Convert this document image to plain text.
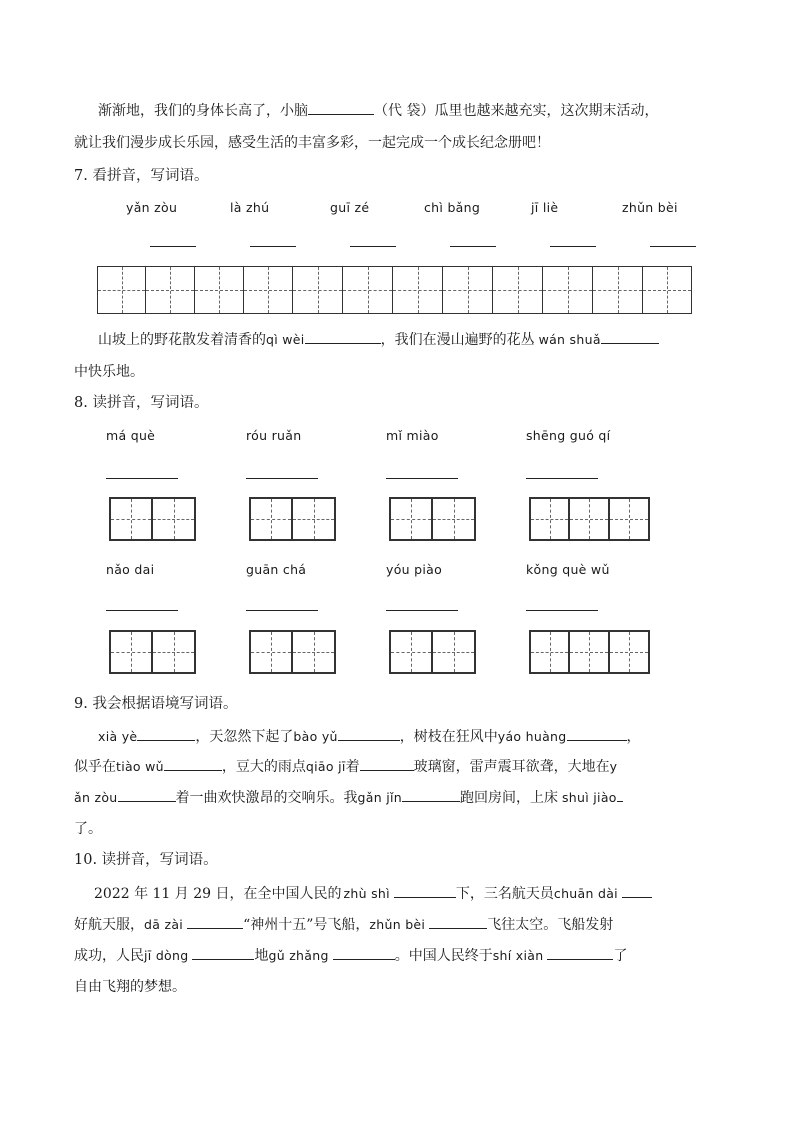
渐渐地，我们的身体长高了，小脑	（代 袋）瓜里也越来越充实，这次期末活动，
就让我们漫步成长乐园，感受生活的丰富多彩，一起完成一个成长纪念册吧！
7. 看拼音，写词语。
yǎn zòu	là zhú	guī zé	chì bǎng	jī liè	zhǔn bèi
山坡上的野花散发着清香的qì wèi	，我们在漫山遍野的花丛 wán shuǎ
中快乐地。
8. 读拼音，写词语。
má què	róu ruǎn	mǐ miào	shēng guó qí
nǎo dai	guān chá	yóu piào	kǒng què wǔ
9. 我会根据语境写词语。
xià yè	，天忽然下起了bào yǔ	，树枝在狂风中yáo huàng	，
似乎在tiào wǔ	，豆大的雨点qiāo jī着	玻璃窗，雷声震耳欲聋，大地在y
ǎn zòu	着一曲欢快激昂的交响乐。我gǎn jǐn	跑回房间，上床 shuì jiào
了。
10. 读拼音，写词语。
2022 年 11 月 29 日，在全中国人民的 zhù shì	下，三名航天员chuān dài
好航天服，dā zài	“神州十五”号飞船，zhǔn bèi	飞往太空。飞船发射
成功，人民jī dòng	地gǔ zhǎng	。中国人民终于shí xiàn	了
自由飞翔的梦想。
